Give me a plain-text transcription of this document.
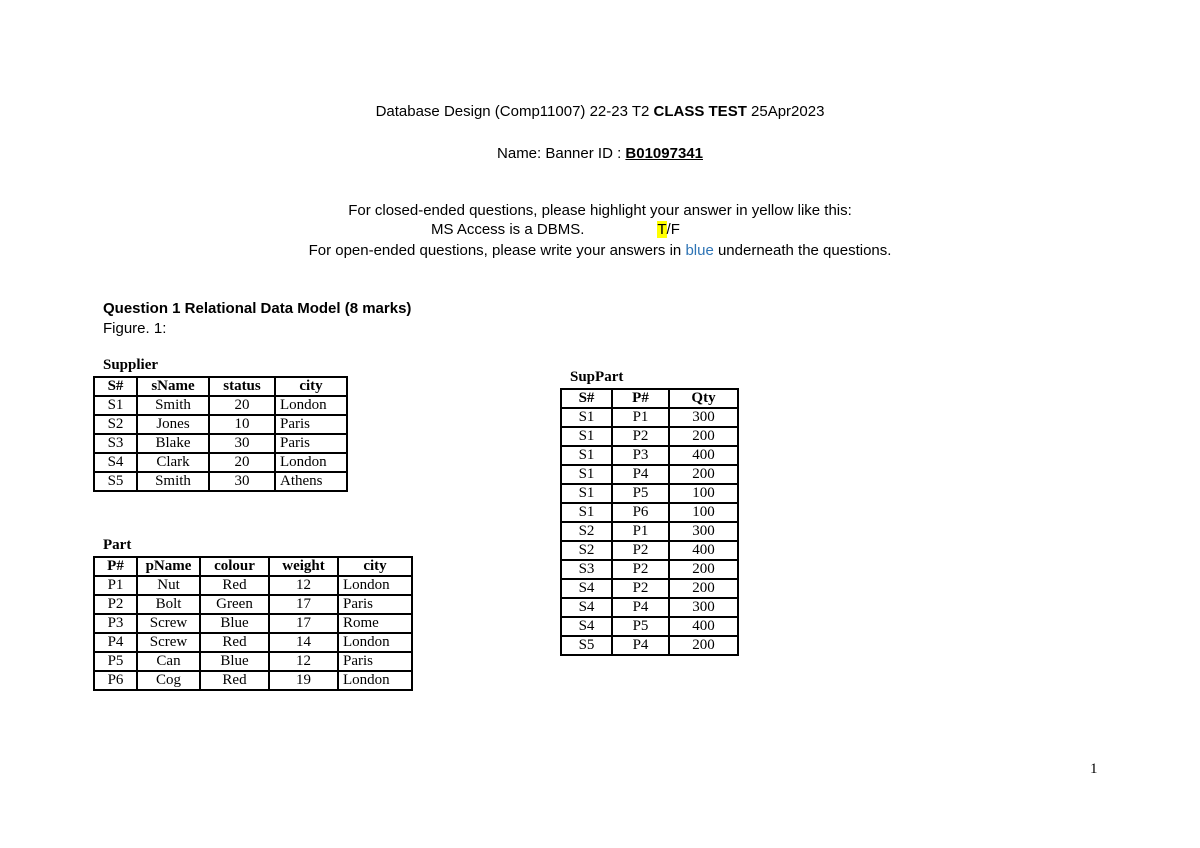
Database Design (Comp11007) 22-23 T2 CLASS TEST 25Apr2023
Name: Banner ID : B01097341
For closed-ended questions, please highlight your answer in yellow like this:
MS Access is a DBMS.	T/F
For open-ended questions, please write your answers in blue underneath the questions.
Question 1 Relational Data Model (8 marks)
Figure. 1:
Supplier
S#	sName	status	city
S1	Smith	20	London
S2	Jones	10	Paris
S3	Blake	30	Paris
S4	Clark	20	London
S5	Smith	30	Athens
Part
P#	pName	colour	weight	city
P1	Nut	Red	12	London
P2	Bolt	Green	17	Paris
P3	Screw	Blue	17	Rome
P4	Screw	Red	14	London
P5	Can	Blue	12	Paris
P6	Cog	Red	19	London
SupPart
S#	P#	Qty
S1	P1	300
S1	P2	200
S1	P3	400
S1	P4	200
S1	P5	100
S1	P6	100
S2	P1	300
S2	P2	400
S3	P2	200
S4	P2	200
S4	P4	300
S4	P5	400
S5	P4	200
1
